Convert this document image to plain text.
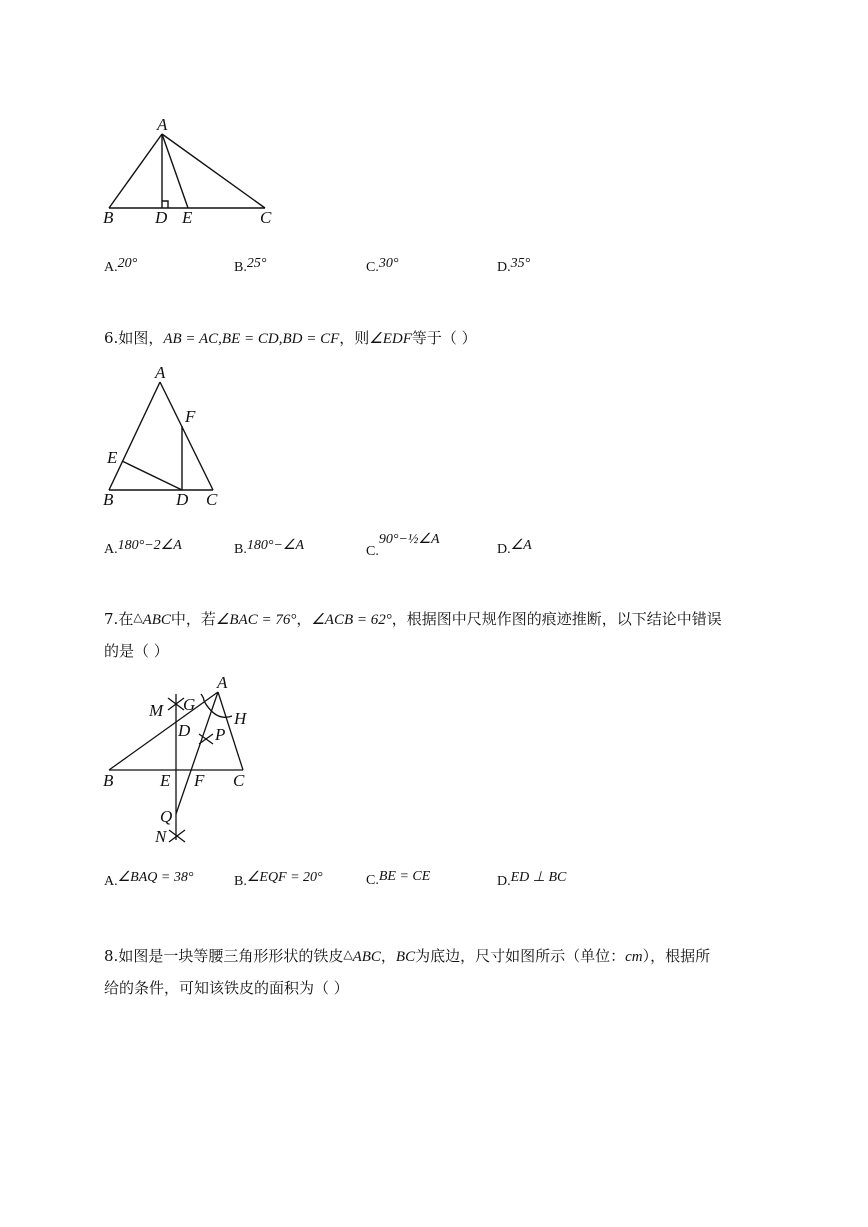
A
B D E	C
A.20°	B.25°	C.30°	D.35°
6.如图，AB = AC,BE = CD,BD = CF，则∠EDF等于（ ）
A
F
E
B	D C
A.180°−2∠A	B.180°−∠A	C.90°−½∠A
D.∠A
7.在△ABC中，若∠BAC = 76°，∠ACB = 62°，根据图中尺规作图的痕迹推断，以下结论中错误
的是（ ）
A
M G
H
D P
B	E F C
Q
N
A.∠BAQ = 38°	B.∠EQF = 20°	C.BE = CE	D.ED ⊥ BC
8.如图是一块等腰三角形形状的铁皮△ABC，BC为底边，尺寸如图所示（单位：cm），根据所
给的条件，可知该铁皮的面积为（ ）
